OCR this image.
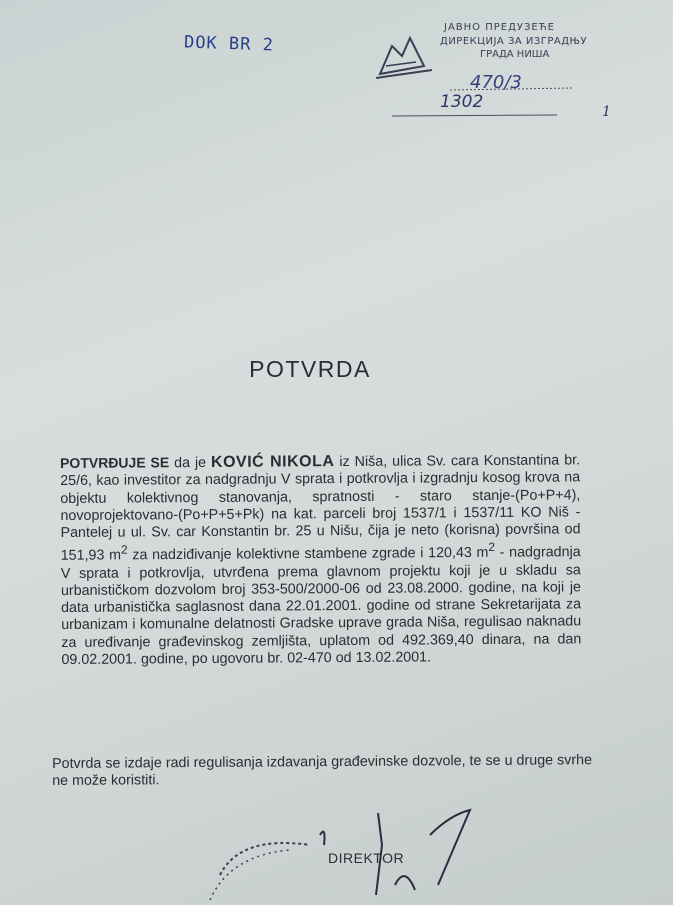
DOK BR 2
ЈАВНО ПРЕДУЗЕЋЕ
ДИРЕКЦИЈА ЗА ИЗГРАДЊУ
ГРАДА НИША
470/3
1302	1
POTVRDA
POTVRĐUJE SE da je KOVIĆ NIKOLA iz Niša, ulica Sv. cara Konstantina br. 25/6, kao investitor za nadgradnju V sprata i potkrovlja i izgradnju kosog krova na objektu kolektivnog stanovanja, spratnosti - staro stanje-(Po+P+4), novoprojektovano-(Po+P+5+Pk) na kat. parceli broj 1537/1 i 1537/11 KO Niš - Pantelej u ul. Sv. car Konstantin br. 25 u Nišu, čija je neto (korisna) površina od 151,93 $m^2$ za nadziđivanje kolektivne stambene zgrade i 120,43 $m^2$ - nadgradnja V sprata i potkrovlja, utvrđena prema glavnom projektu koji je u skladu sa urbanističkom dozvolom broj 353-500/2000-06 od 23.08.2000. godine, na koji je data urbanistička saglasnost dana 22.01.2001. godine od strane Sekretarijata za urbanizam i komunalne delatnosti Gradske uprave grada Niša, regulisao naknadu za uređivanje građevinskog zemljišta, uplatom od 492.369,40 dinara, na dan 09.02.2001. godine, po ugovoru br. 02-470 od 13.02.2001.
Potvrda se izdaje radi regulisanja izdavanja građevinske dozvole, te se u druge svrhe ne može koristiti.
DIREKTOR
